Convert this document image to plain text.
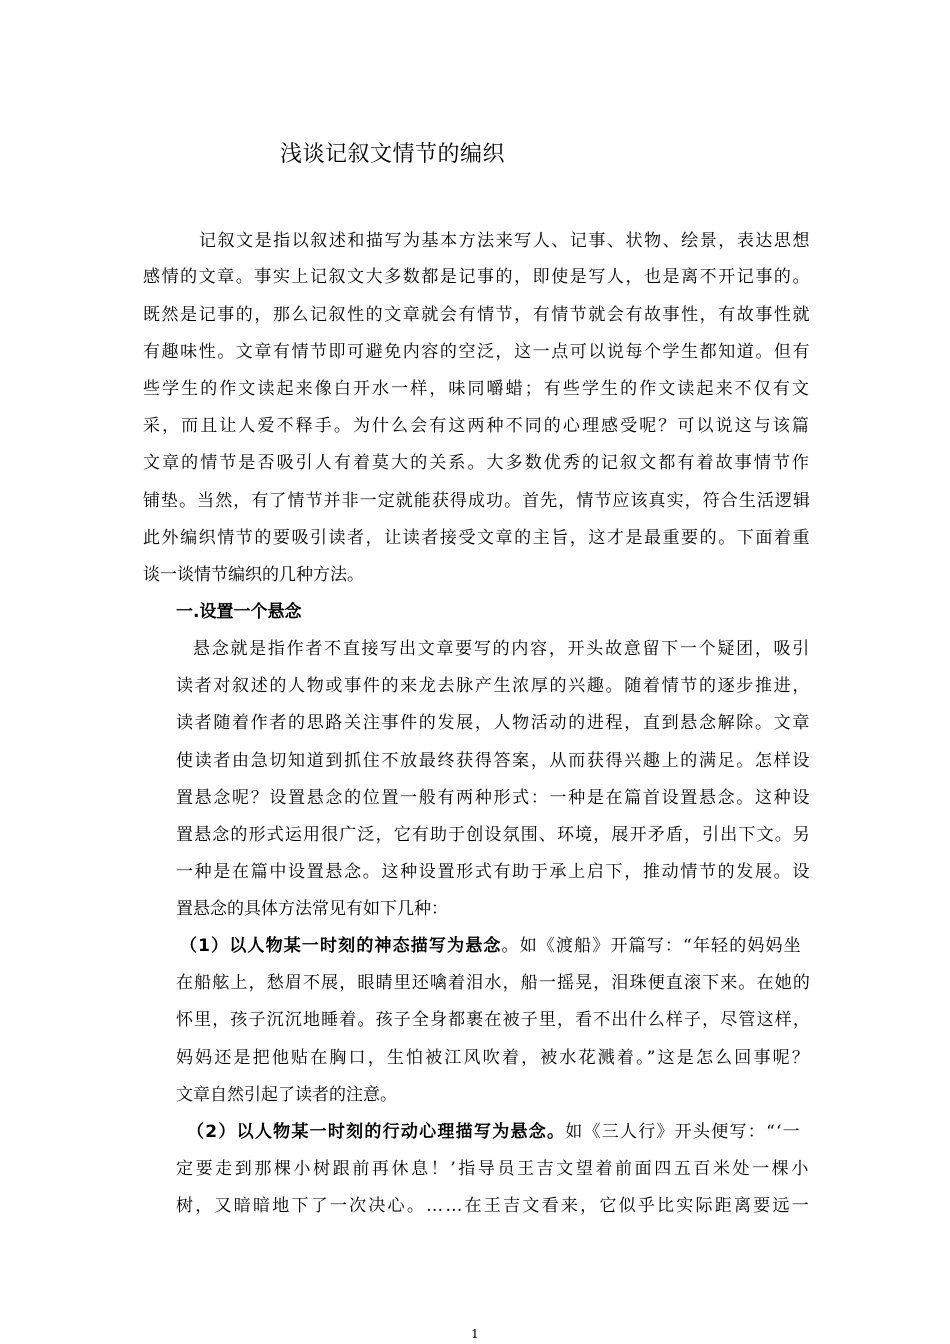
浅谈记叙文情节的编织
记叙文是指以叙述和描写为基本方法来写人、记事、状物、绘景，表达思想
感情的文章。事实上记叙文大多数都是记事的，即使是写人，也是离不开记事的。
既然是记事的，那么记叙性的文章就会有情节，有情节就会有故事性，有故事性就
有趣味性。文章有情节即可避免内容的空泛，这一点可以说每个学生都知道。但有
些学生的作文读起来像白开水一样，味同嚼蜡；有些学生的作文读起来不仅有文
采，而且让人爱不释手。为什么会有这两种不同的心理感受呢？可以说这与该篇
文章的情节是否吸引人有着莫大的关系。大多数优秀的记叙文都有着故事情节作
铺垫。当然，有了情节并非一定就能获得成功。首先，情节应该真实，符合生活逻辑
此外编织情节的要吸引读者，让读者接受文章的主旨，这才是最重要的。下面着重
谈一谈情节编织的几种方法。
一.设置一个悬念
悬念就是指作者不直接写出文章要写的内容，开头故意留下一个疑团，吸引
读者对叙述的人物或事件的来龙去脉产生浓厚的兴趣。随着情节的逐步推进，
读者随着作者的思路关注事件的发展，人物活动的进程，直到悬念解除。文章
使读者由急切知道到抓住不放最终获得答案，从而获得兴趣上的满足。怎样设
置悬念呢？设置悬念的位置一般有两种形式：一种是在篇首设置悬念。这种设
置悬念的形式运用很广泛，它有助于创设氛围、环境，展开矛盾，引出下文。另
一种是在篇中设置悬念。这种设置形式有助于承上启下，推动情节的发展。设
置悬念的具体方法常见有如下几种：
（1）以人物某一时刻的神态描写为悬念。如《渡船》开篇写：“年轻的妈妈坐
在船舷上，愁眉不展，眼睛里还噙着泪水，船一摇晃，泪珠便直滚下来。在她的
怀里，孩子沉沉地睡着。孩子全身都裹在被子里，看不出什么样子，尽管这样，
妈妈还是把他贴在胸口，生怕被江风吹着，被水花溅着。”这是怎么回事呢？
文章自然引起了读者的注意。
（2）以人物某一时刻的行动心理描写为悬念。如《三人行》开头便写：“‘一
定要走到那棵小树跟前再休息！’指导员王吉文望着前面四五百米处一棵小
树，又暗暗地下了一次决心。……在王吉文看来，它似乎比实际距离要远一
1
